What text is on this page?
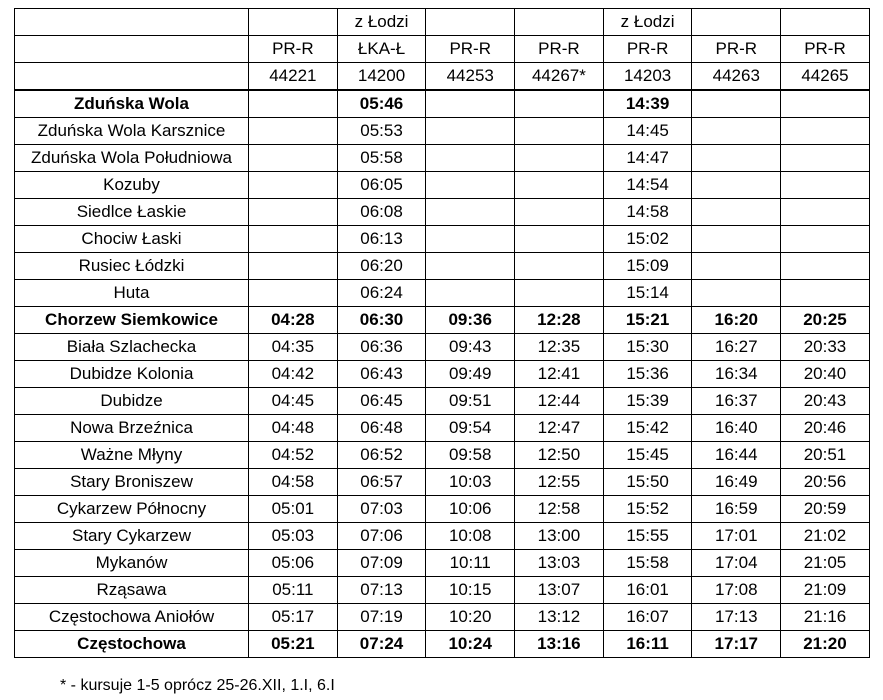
		z Łodzi			z Łodzi		
	PR-R	ŁKA-Ł	PR-R	PR-R	PR-R	PR-R	PR-R
	44221	14200	44253	44267*	14203	44263	44265
Zduńska Wola		05:46			14:39		
Zduńska Wola Karsznice		05:53			14:45		
Zduńska Wola Południowa		05:58			14:47		
Kozuby		06:05			14:54		
Siedlce Łaskie		06:08			14:58		
Chociw Łaski		06:13			15:02		
Rusiec Łódzki		06:20			15:09		
Huta		06:24			15:14		
Chorzew Siemkowice	04:28	06:30	09:36	12:28	15:21	16:20	20:25
Biała Szlachecka	04:35	06:36	09:43	12:35	15:30	16:27	20:33
Dubidze Kolonia	04:42	06:43	09:49	12:41	15:36	16:34	20:40
Dubidze	04:45	06:45	09:51	12:44	15:39	16:37	20:43
Nowa Brzeźnica	04:48	06:48	09:54	12:47	15:42	16:40	20:46
Ważne Młyny	04:52	06:52	09:58	12:50	15:45	16:44	20:51
Stary Broniszew	04:58	06:57	10:03	12:55	15:50	16:49	20:56
Cykarzew Północny	05:01	07:03	10:06	12:58	15:52	16:59	20:59
Stary Cykarzew	05:03	07:06	10:08	13:00	15:55	17:01	21:02
Mykanów	05:06	07:09	10:11	13:03	15:58	17:04	21:05
Rząsawa	05:11	07:13	10:15	13:07	16:01	17:08	21:09
Częstochowa Aniołów	05:17	07:19	10:20	13:12	16:07	17:13	21:16
Częstochowa	05:21	07:24	10:24	13:16	16:11	17:17	21:20
* - kursuje 1-5 oprócz 25-26.XII, 1.I, 6.I
